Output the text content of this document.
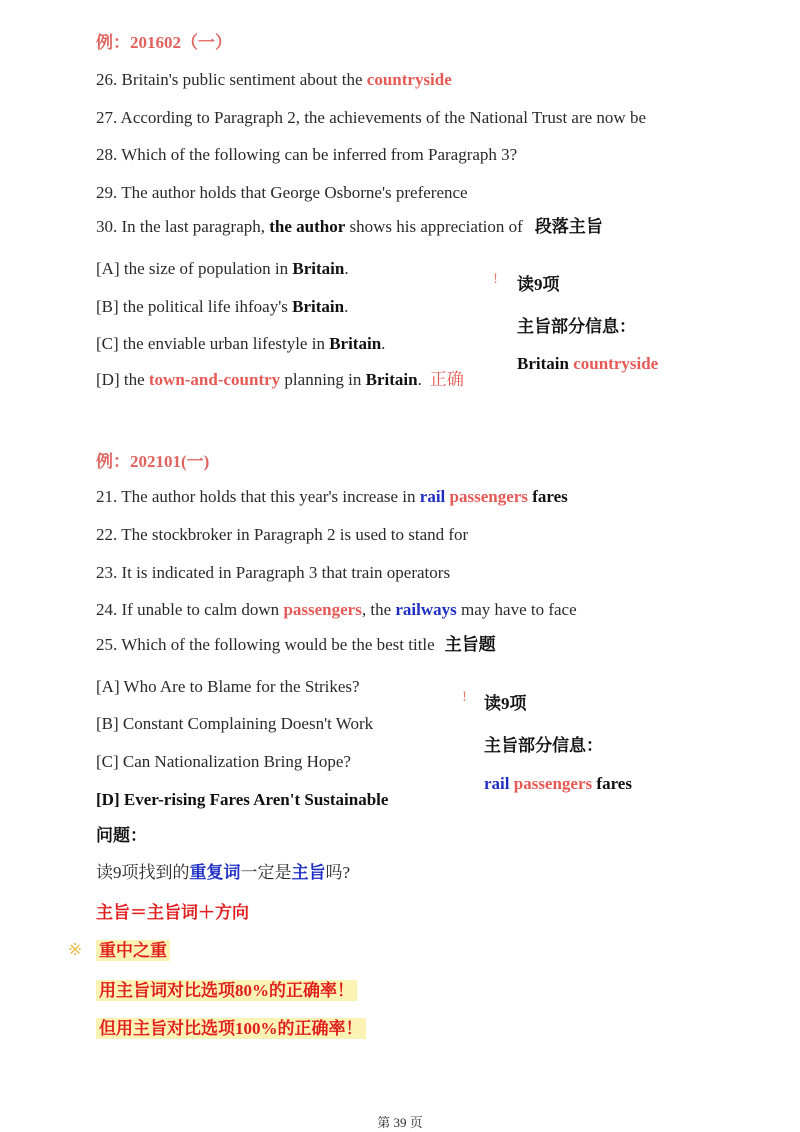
例：201602（一）
26. Britain's public sentiment about the countryside
27. According to Paragraph 2, the achievements of the National Trust are now be
28. Which of the following can be inferred from Paragraph 3?
29. The author holds that George Osborne's preference
30. In the last paragraph, the author shows his appreciation of 段落主旨
[A] the size of population in Britain.
[B] the political life ihfoay's Britain.
[C] the enviable urban lifestyle in Britain.
[D] the town-and-country planning in Britain. 正确
! 读9项
主旨部分信息：
Britain countryside
例：202101(一)
21. The author holds that this year's increase in rail passengers fares
22. The stockbroker in Paragraph 2 is used to stand for
23. It is indicated in Paragraph 3 that train operators
24. If unable to calm down passengers, the railways may have to face
25. Which of the following would be the best title 主旨题
[A] Who Are to Blame for the Strikes?
[B] Constant Complaining Doesn't Work
[C] Can Nationalization Bring Hope?
[D] Ever-rising Fares Aren't Sustainable
! 读9项
主旨部分信息：
rail passengers fares
问题：
读9项找到的重复词一定是主旨吗?
主旨＝主旨词＋方向
※ 重中之重
用主旨词对比选项80%的正确率！
但用主旨对比选项100%的正确率！
第 39 页
